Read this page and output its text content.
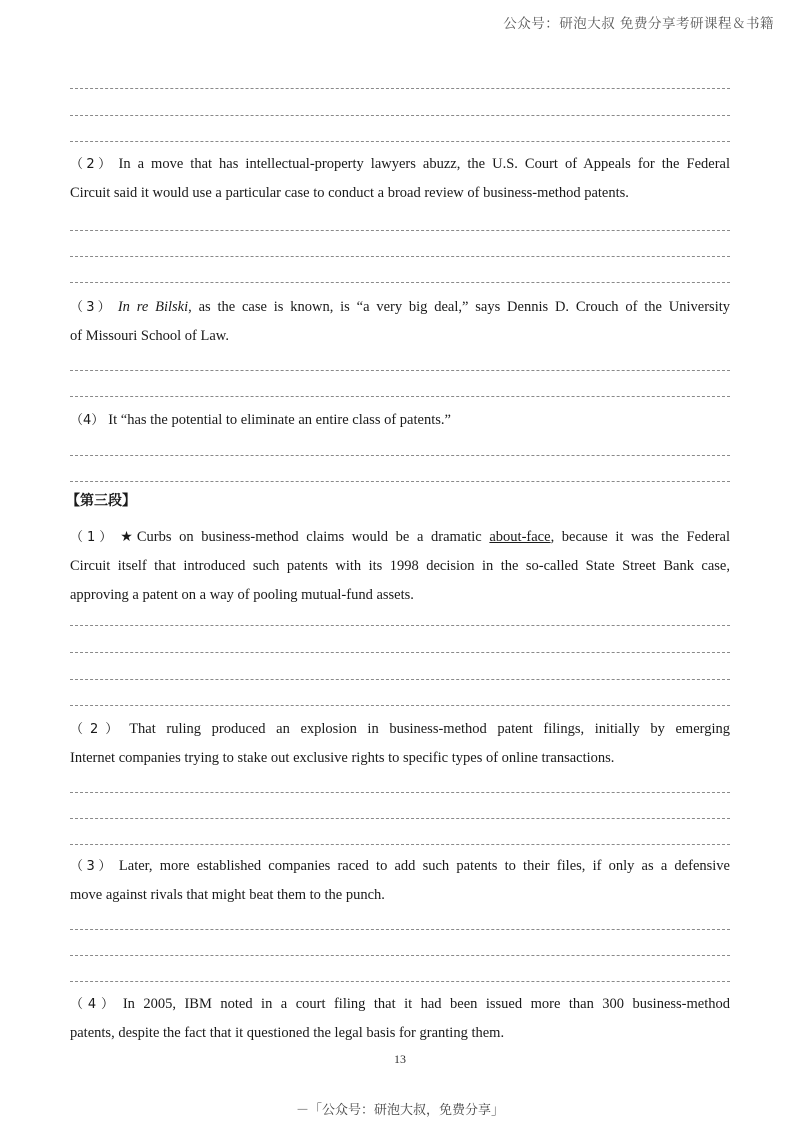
公众号：研泡大叔 免费分享考研课程＆书籍
（2） In a move that has intellectual-property lawyers abuzz, the U.S. Court of Appeals for the Federal
Circuit said it would use a particular case to conduct a broad review of business-method patents.
（3） In re Bilski, as the case is known, is “a very big deal,” says Dennis D. Crouch of the University
of Missouri School of Law.
（4） It “has the potential to eliminate an entire class of patents.”
【第三段】
（1） ★Curbs on business-method claims would be a dramatic about-face, because it was the Federal
Circuit itself that introduced such patents with its 1998 decision in the so-called State Street Bank case,
approving a patent on a way of pooling mutual-fund assets.
（2） That ruling produced an explosion in business-method patent filings, initially by emerging
Internet companies trying to stake out exclusive rights to specific types of online transactions.
（3） Later, more established companies raced to add such patents to their files, if only as a defensive
move against rivals that might beat them to the punch.
（4） In 2005, IBM noted in a court filing that it had been issued more than 300 business-method
patents, despite the fact that it questioned the legal basis for granting them.
13
－「公众号：研泡大叔，免费分享」
